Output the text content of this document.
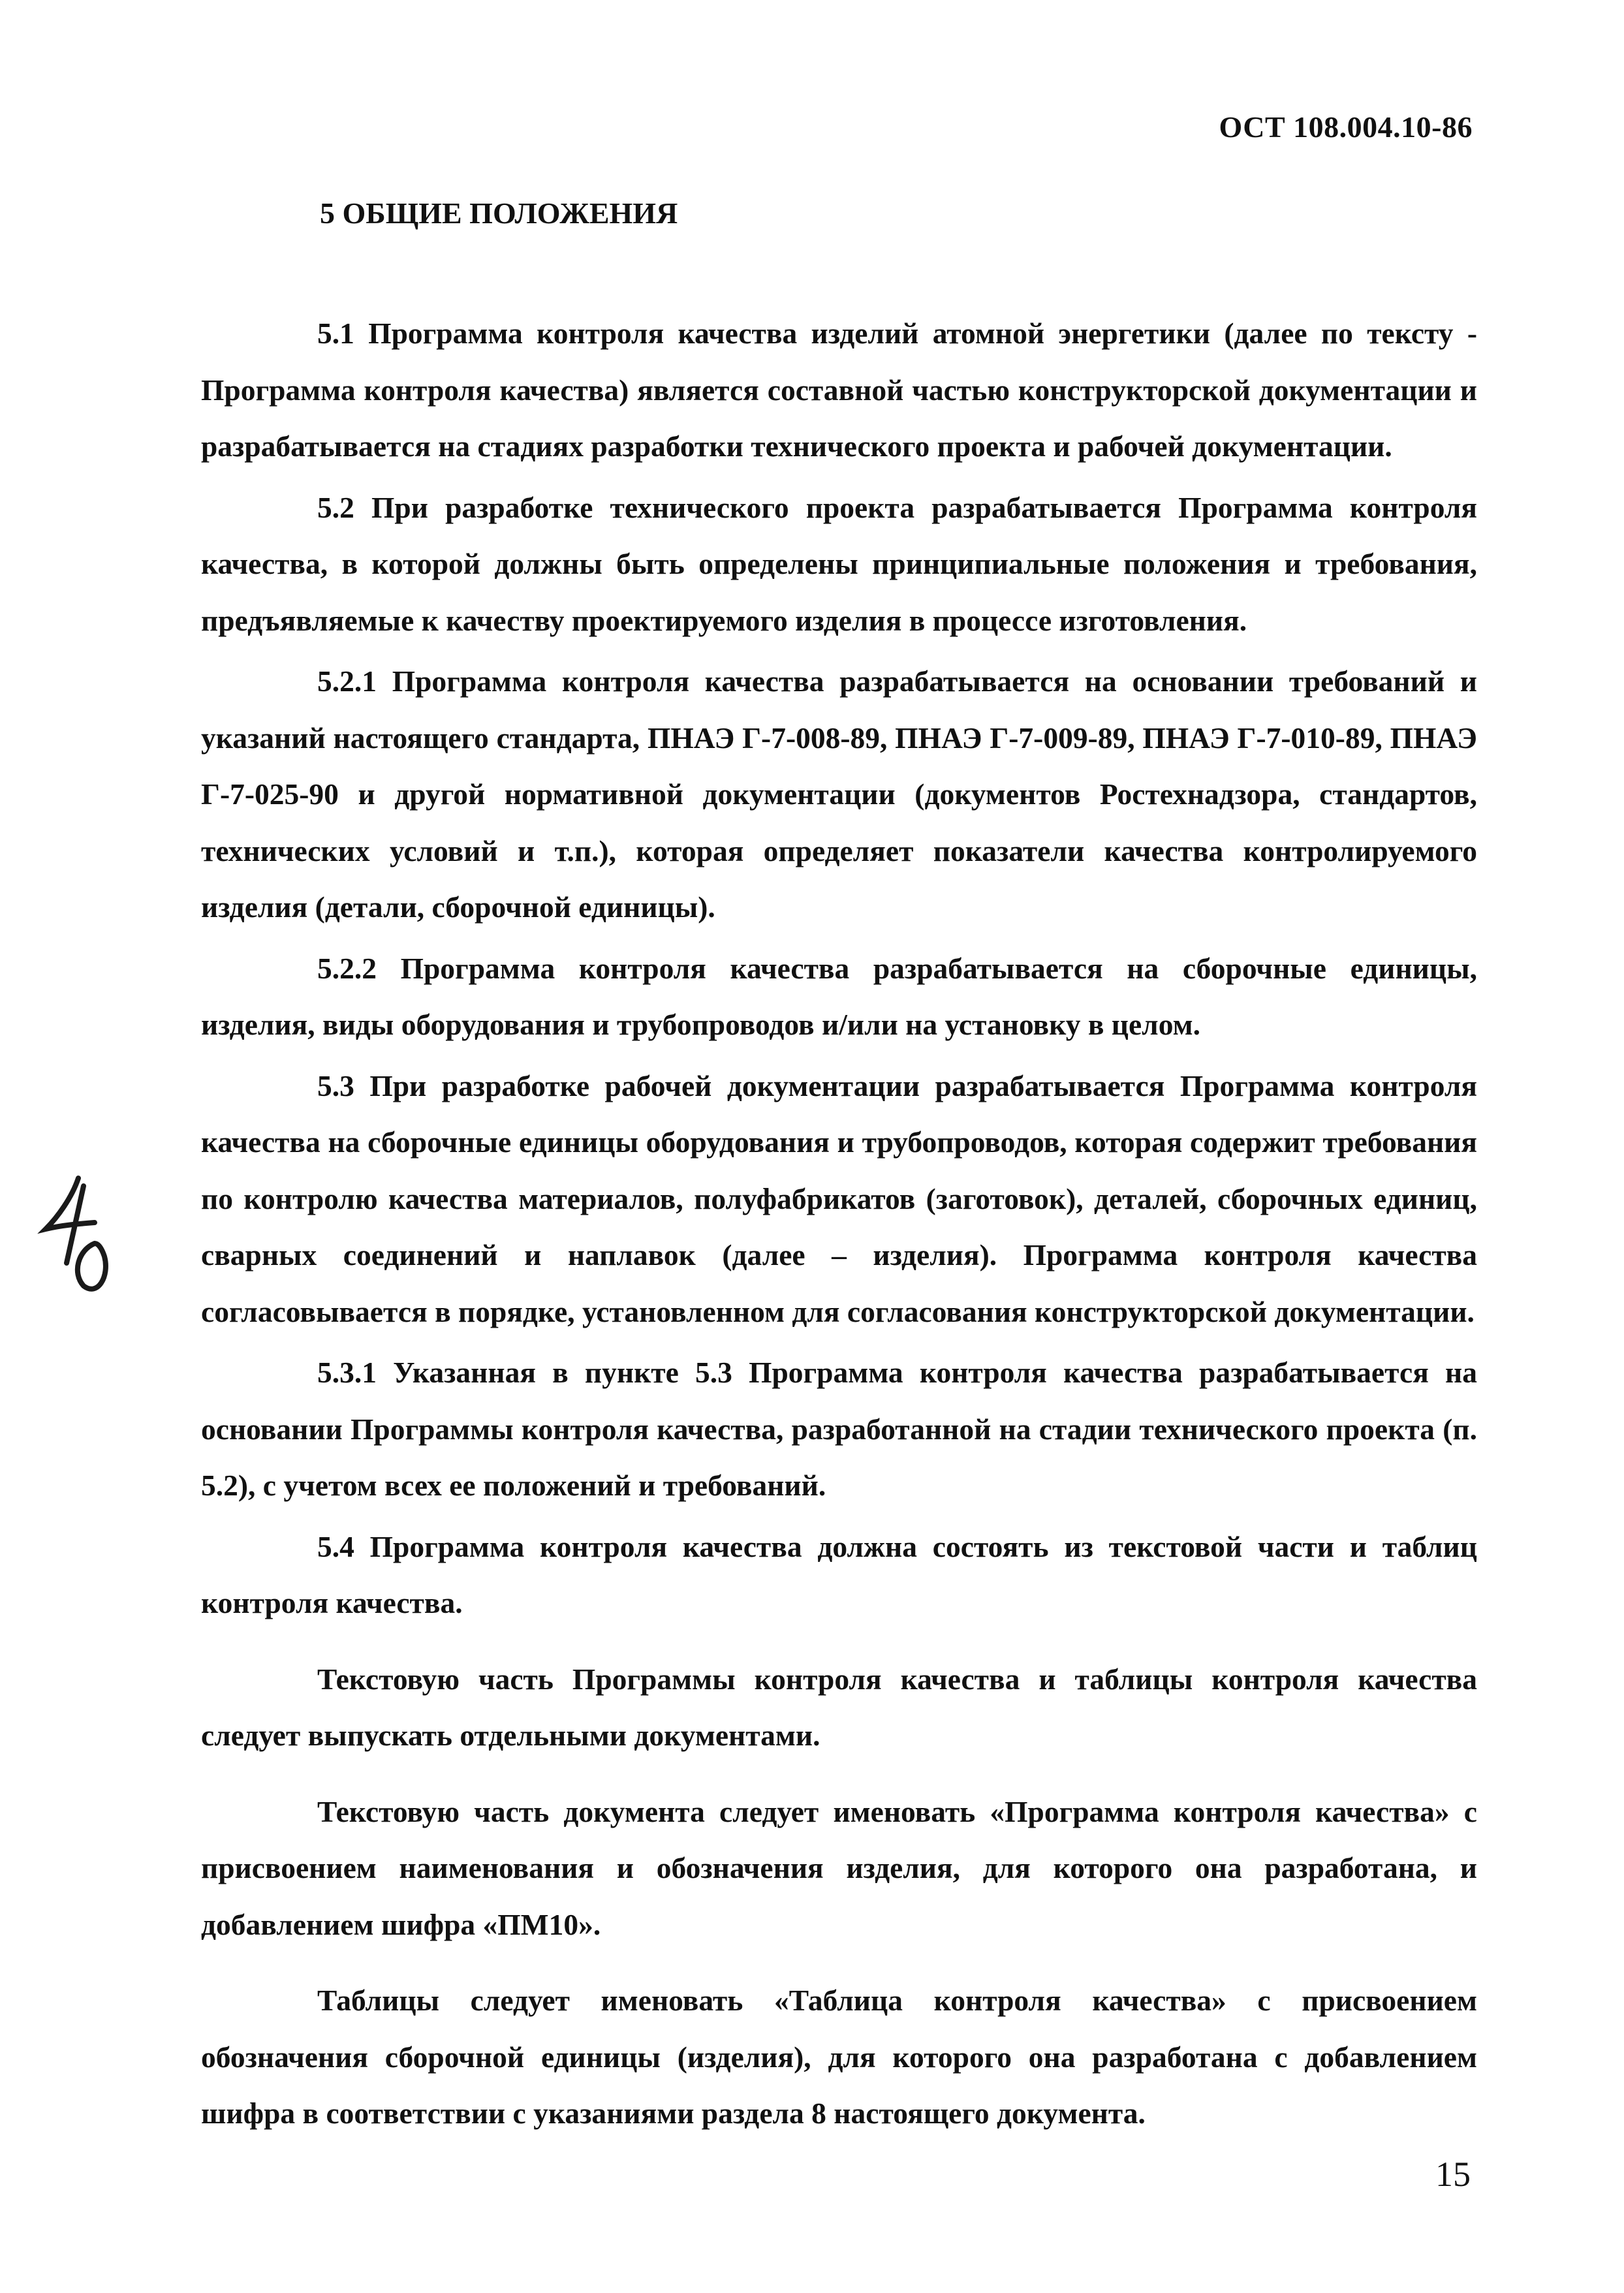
ОСТ 108.004.10-86
5 ОБЩИЕ ПОЛОЖЕНИЯ

5.1 Программа контроля качества изделий атомной энергетики (далее по тексту - Программа контроля качества) является составной частью конструкторской документации и разрабатывается на стадиях разработки технического проекта и рабочей документации.

5.2 При разработке технического проекта разрабатывается Программа контроля качества, в которой должны быть определены принципиальные положения и требования, предъявляемые к качеству проектируемого изделия в процессе изготовления.

5.2.1 Программа контроля качества разрабатывается на основании требований и указаний настоящего стандарта, ПНАЭ Г-7-008-89, ПНАЭ Г-7-009-89, ПНАЭ Г-7-010-89, ПНАЭ Г-7-025-90 и другой нормативной документации (документов Ростехнадзора, стандартов, технических условий и т.п.), которая определяет показатели качества контролируемого изделия (детали, сборочной единицы).

5.2.2 Программа контроля качества разрабатывается на сборочные единицы, изделия, виды оборудования и трубопроводов и/или на установку в целом.

5.3 При разработке рабочей документации разрабатывается Программа контроля качества на сборочные единицы оборудования и трубопроводов, которая содержит требования по контролю качества материалов, полуфабрикатов (заготовок), деталей, сборочных единиц, сварных соединений и наплавок (далее – изделия). Программа контроля качества согласовывается в порядке, установленном для согласования конструкторской документации.

5.3.1 Указанная в пункте 5.3 Программа контроля качества разрабатывается на основании Программы контроля качества, разработанной на стадии технического проекта (п. 5.2), с учетом всех ее положений и требований.

5.4 Программа контроля качества должна состоять из текстовой части и таблиц контроля качества.

Текстовую часть Программы контроля качества и таблицы контроля качества следует выпускать отдельными документами.

Текстовую часть документа следует именовать «Программа контроля качества» с присвоением наименования и обозначения изделия, для которого она разработана, и добавлением шифра «ПМ10».

Таблицы следует именовать «Таблица контроля качества» с присвоением обозначения сборочной единицы (изделия), для которого она разработана с добавлением шифра в соответствии с указаниями раздела 8 настоящего документа.

15
